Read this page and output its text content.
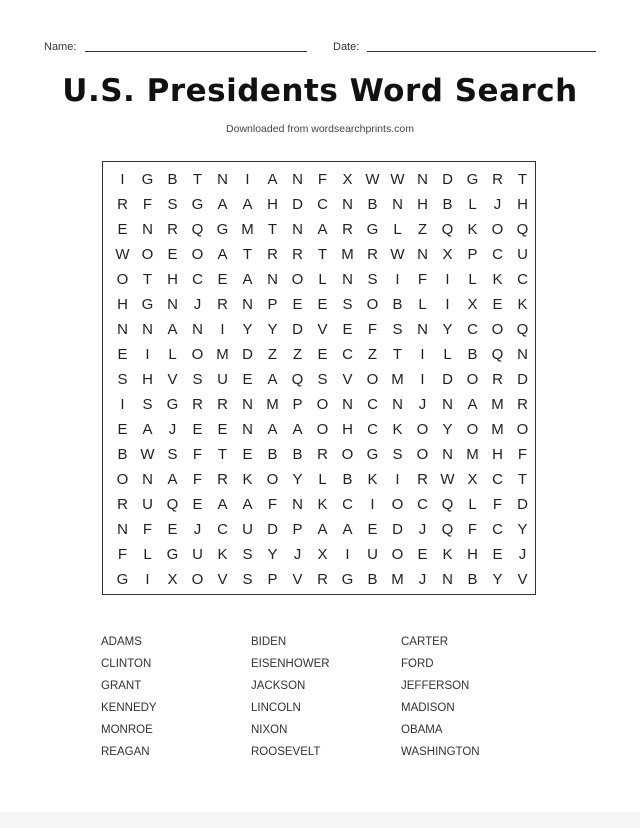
Name:	Date:
U.S. Presidents Word Search
Downloaded from wordsearchprints.com
I	G B	T	N	I	A N F	X W W N D G R T
R F	S G A A H D C N B N H B	L	J	H
E N R Q G M T	N A R G	L	Z Q K O Q
W O E O A	T	R R T M R W N X P C U
O T	H C E A N O	L	N S	I	F	I	L	K C
H G N	J	R N P E E S O B	L	I	X E K
N N A N	I	Y Y D V E	F	S N Y C O Q
E	I	L O M D Z	Z	E C Z	T	I	L	B Q N
S H V S U E A Q S V O M	I	D O R D
I	S G R R N M P O N C N	J	N A M R
E A	J	E E N A A O H C K O Y O M O
B W S	F	T	E B B R O G S O N M H F
O N A	F	R K O Y	L	B K	I	R W X C T
R U Q E A A	F	N K C	I	O C Q	L	F	D
N F	E	J	C U D P A A E D	J	Q F	C Y
F	L G U K S Y	J	X	I	U O E K H E	J
G	I	X O V S P V R G B M	J	N B Y V
ADAMS	BIDEN	CARTER
CLINTON	EISENHOWER	FORD
GRANT	JACKSON	JEFFERSON
KENNEDY	LINCOLN	MADISON
MONROE	NIXON	OBAMA
REAGAN	ROOSEVELT	WASHINGTON
